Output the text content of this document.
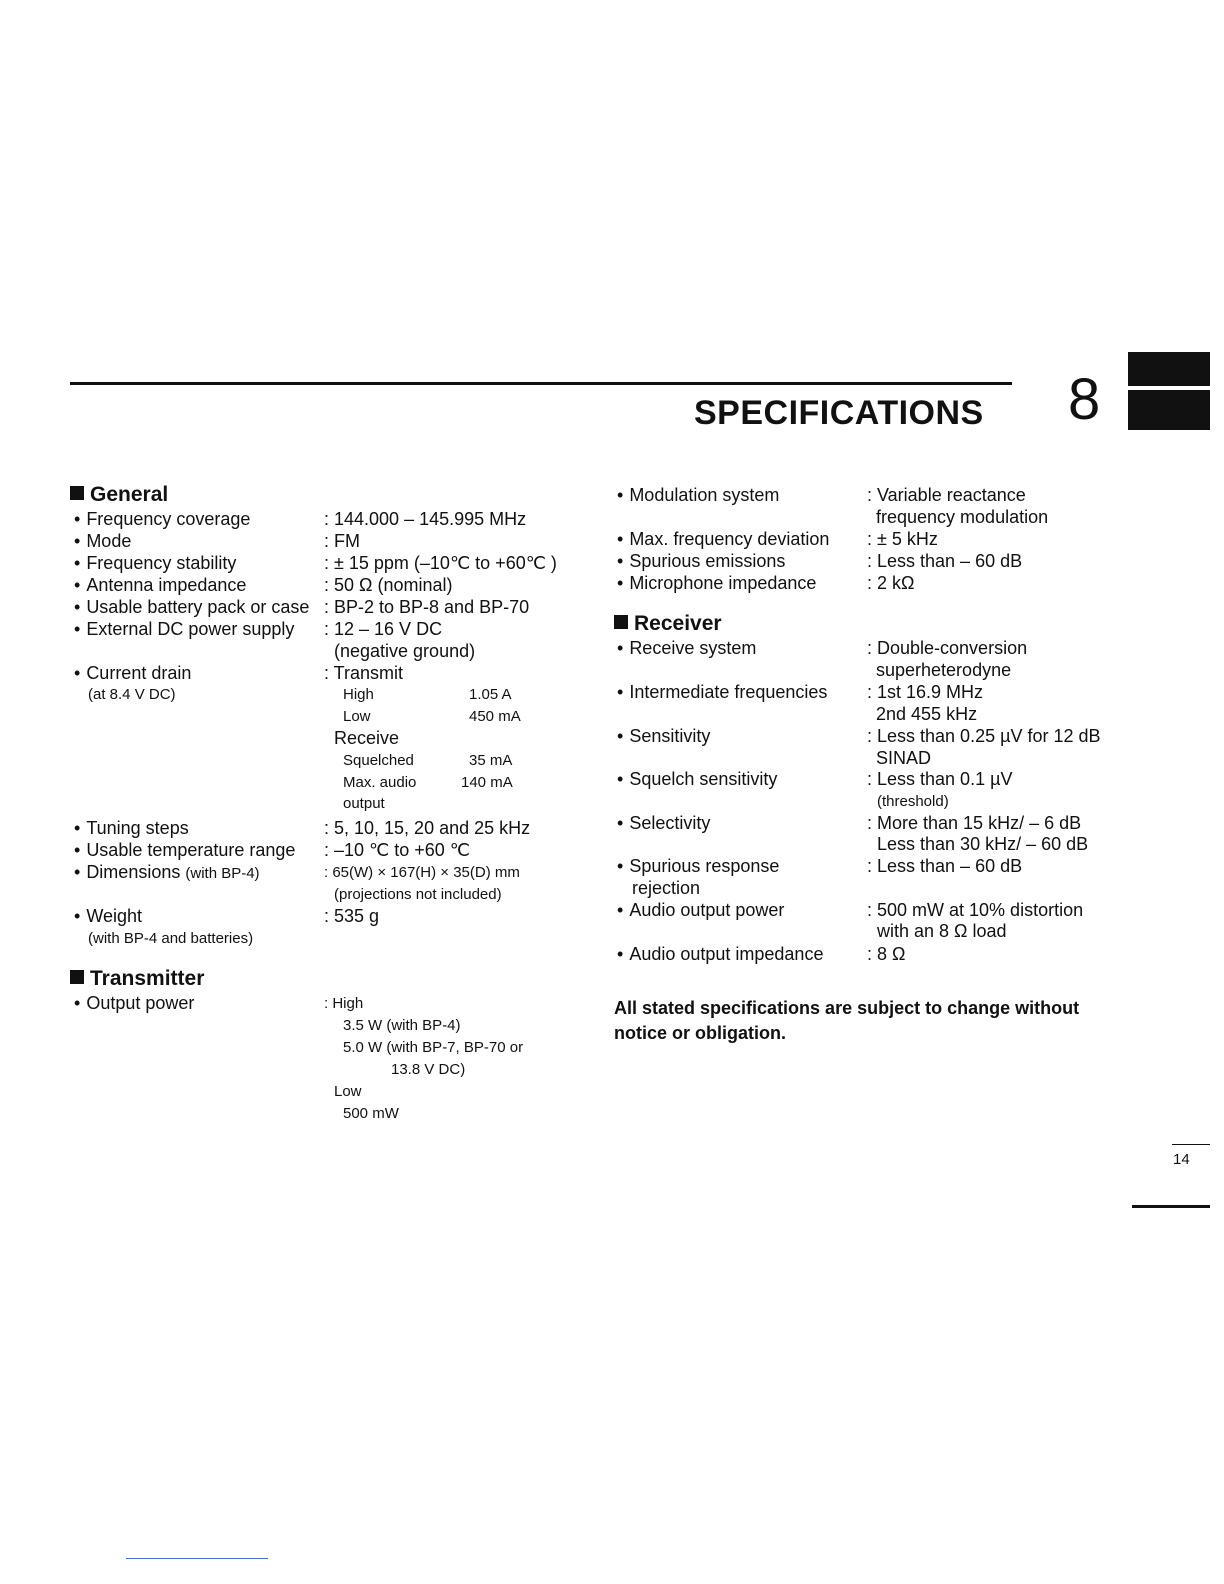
SPECIFICATIONS 8
General
• Frequency coverage	: 144.000 – 145.995 MHz
• Mode	: FM
• Frequency stability	: ± 15 ppm (–10℃ to +60℃ )
• Antenna impedance	: 50 Ω (nominal)
• Usable battery pack or case : BP-2 to BP-8 and BP-70
• External DC power supply : 12 – 16 V DC
(negative ground)
• Current drain
(at 8.4 V DC)
: Transmit
High	1.05 A
Low	450 mA
Receive
Squelched	35 mA
Max. audio
output
140 mA
• Tuning steps	: 5, 10, 15, 20 and 25 kHz
• Usable temperature range : –10 ℃ to +60 ℃
• Dimensions (with BP-4)	: 65(W) × 167(H) × 35(D) mm
(projections not included)
• Weight
(with BP-4 and batteries)
: 535 g
Transmitter
• Output power	: High
3.5 W (with BP-4)
5.0 W (with BP-7, BP-70 or
13.8 V DC)
Low
500 mW
• Modulation system	: Variable reactance
frequency modulation
• Max. frequency deviation : ± 5 kHz
• Spurious emissions	: Less than – 60 dB
• Microphone impedance	: 2 kΩ
Receiver
• Receive system	: Double-conversion
superheterodyne
• Intermediate frequencies : 1st 16.9 MHz
2nd 455 kHz
• Sensitivity	: Less than 0.25 µV for 12 dB
SINAD
• Squelch sensitivity	: Less than 0.1 µV
(threshold)
• Selectivity	: More than 15 kHz/ – 6 dB
Less than 30 kHz/ – 60 dB
• Spurious response
rejection
: Less than – 60 dB
• Audio output power	: 500 mW at 10% distortion
with an 8 Ω load
• Audio output impedance : 8 Ω
All stated specifications are subject to change without notice or obligation.
14
